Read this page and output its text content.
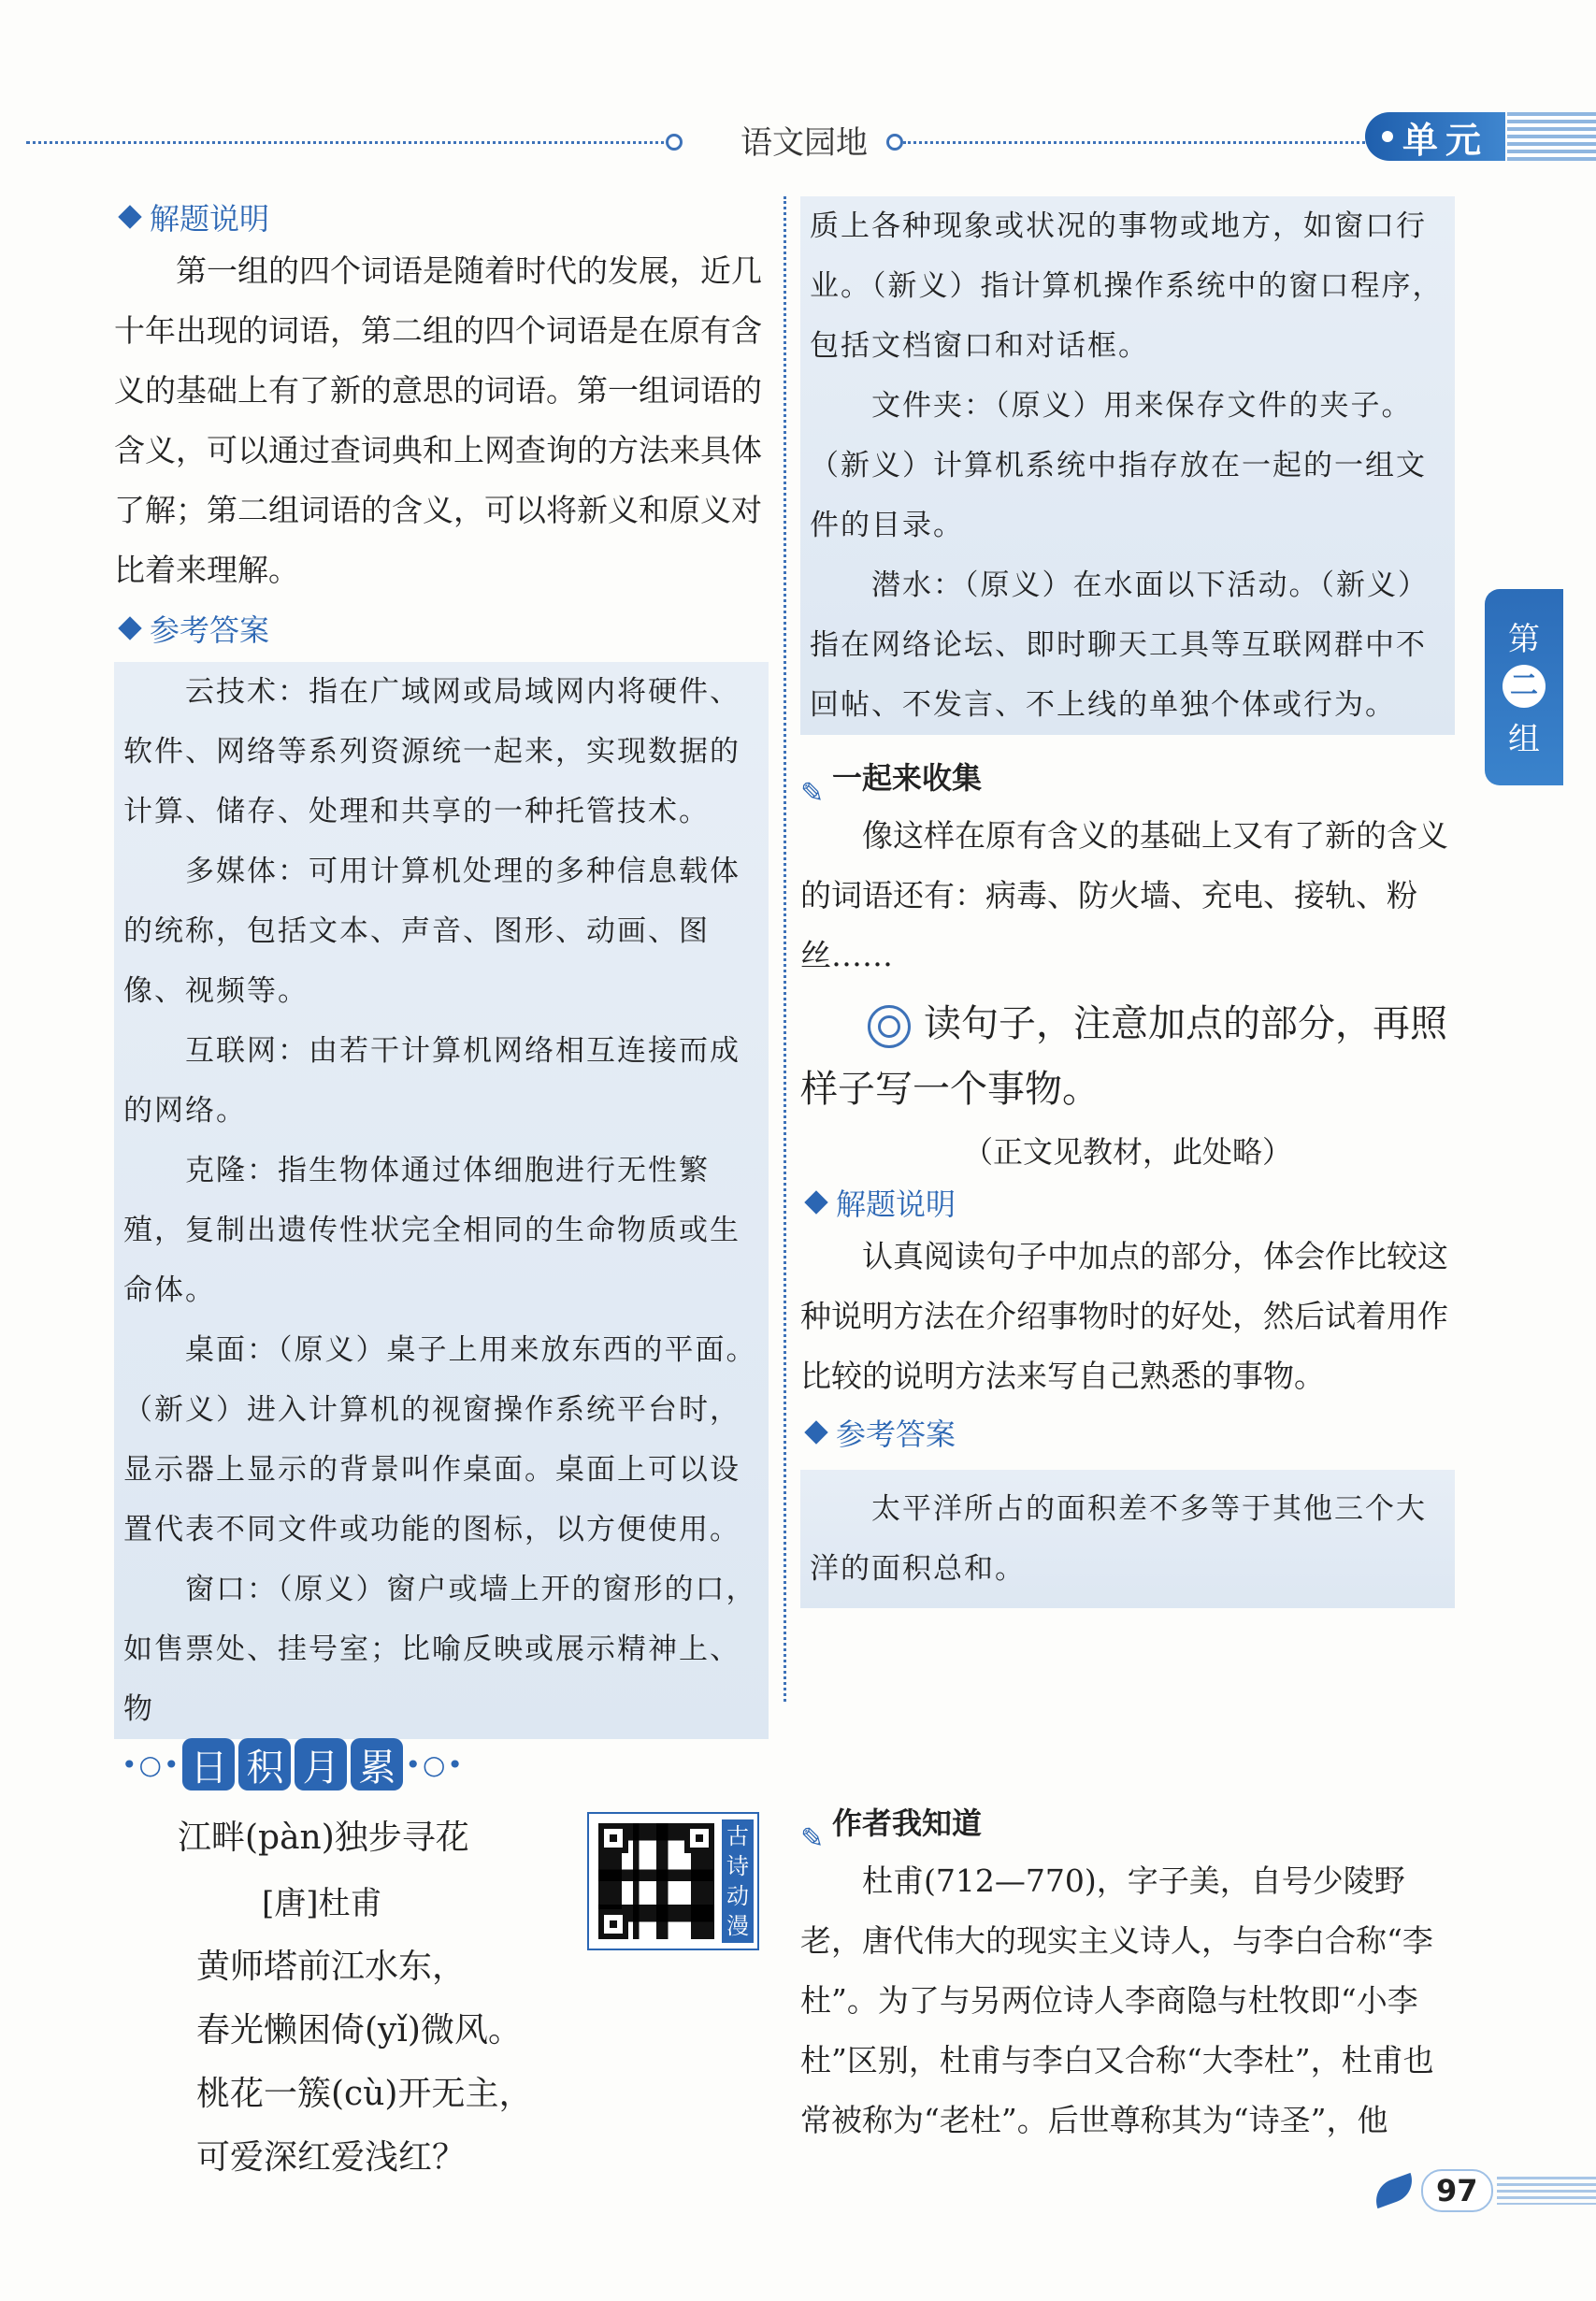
语文园地	单元
第
二
组
解题说明

第一组的四个词语是随着时代的发展，近几十年出现的词语，第二组的四个词语是在原有含义的基础上有了新的意思的词语。第一组词语的含义，可以通过查词典和上网查询的方法来具体了解；第二组词语的含义，可以将新义和原义对比着来理解。

参考答案

云技术：指在广域网或局域网内将硬件、软件、网络等系列资源统一起来，实现数据的计算、储存、处理和共享的一种托管技术。

多媒体：可用计算机处理的多种信息载体的统称，包括文本、声音、图形、动画、图像、视频等。

互联网：由若干计算机网络相互连接而成的网络。

克隆：指生物体通过体细胞进行无性繁殖，复制出遗传性状完全相同的生命物质或生命体。

桌面：（原义）桌子上用来放东西的平面。（新义）进入计算机的视窗操作系统平台时，显示器上显示的背景叫作桌面。桌面上可以设置代表不同文件或功能的图标，以方便使用。

窗口：（原义）窗户或墙上开的窗形的口，如售票处、挂号室；比喻反映或展示精神上、物

质上各种现象或状况的事物或地方，如窗口行业。（新义）指计算机操作系统中的窗口程序，包括文档窗口和对话框。

文件夹：（原义）用来保存文件的夹子。（新义）计算机系统中指存放在一起的一组文件的目录。

潜水：（原义）在水面以下活动。（新义）指在网络论坛、即时聊天工具等互联网群中不回帖、不发言、不上线的单独个体或行为。

✎ 一起来收集

像这样在原有含义的基础上又有了新的含义的词语还有：病毒、防火墙、充电、接轨、粉丝……

读句子，注意加点的部分，再照样子写一个事物。
（正文见教材，此处略）
解题说明

认真阅读句子中加点的部分，体会作比较这种说明方法在介绍事物时的好处，然后试着用作比较的说明方法来写自己熟悉的事物。

参考答案

太平洋所占的面积差不多等于其他三个大洋的面积总和。

•○• 日 积 月 累 •○•
江畔(pàn)独步寻花
[唐]杜甫
黄师塔前江水东，
春光懒困倚(yǐ)微风。
桃花一簇(cù)开无主，
可爱深红爱浅红？
古诗动漫
✎ 作者我知道

杜甫(712—770)，字子美，自号少陵野老，唐代伟大的现实主义诗人，与李白合称“李杜”。为了与另两位诗人李商隐与杜牧即“小李杜”区别，杜甫与李白又合称“大李杜”，杜甫也常被称为“老杜”。后世尊称其为“诗圣”，他

97
